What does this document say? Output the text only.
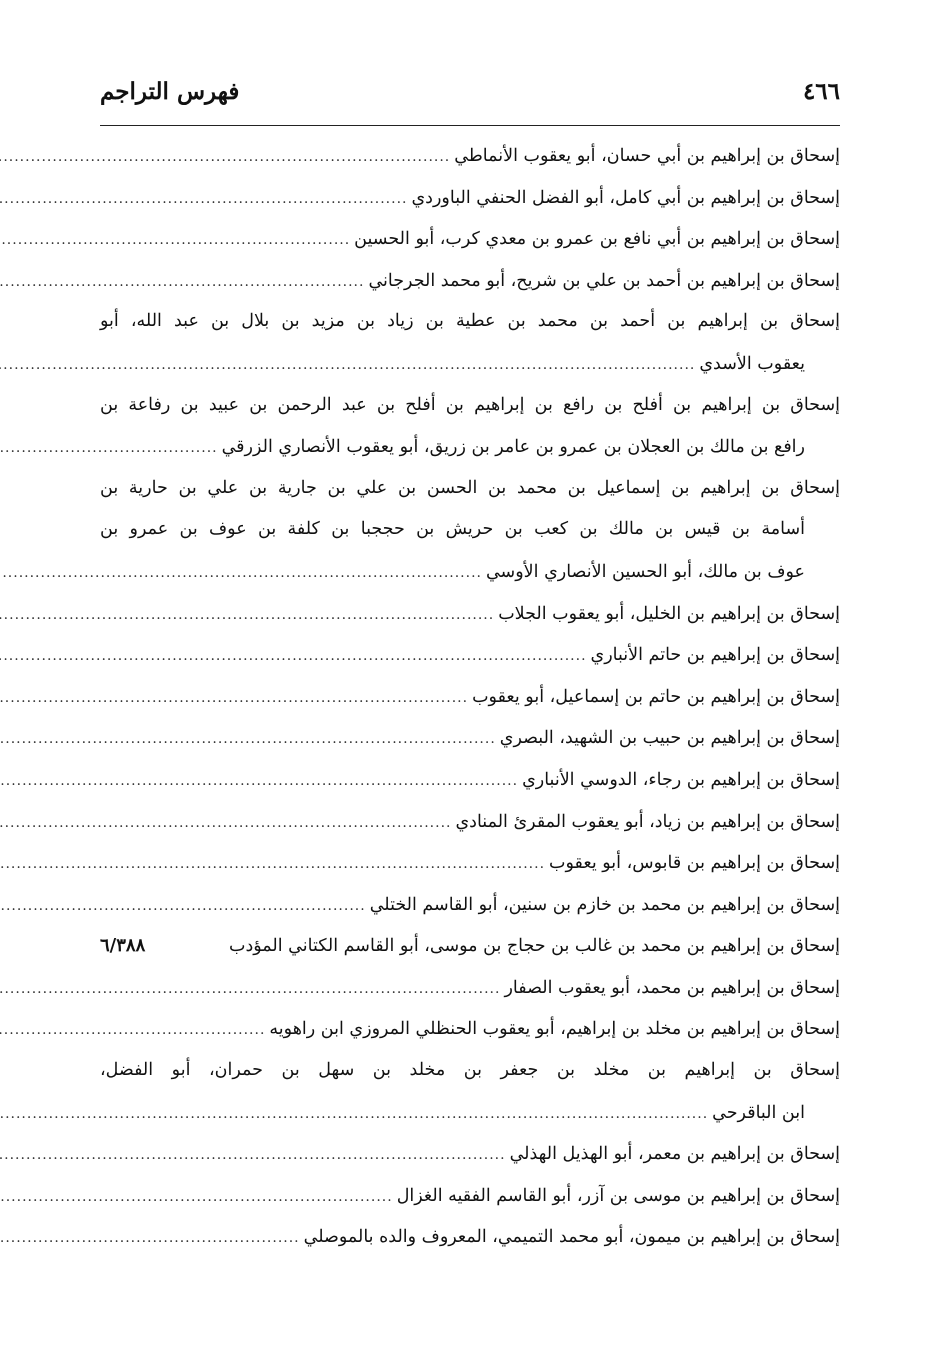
٤٦٦
فهرس التراجم
إسحاق بن إبراهيم بن أبي حسان، أبو يعقوب الأنماطي
.....
إسحاق بن إبراهيم بن أبي كامل، أبو الفضل الحنفي الباوردي
.....
إسحاق بن إبراهيم بن أبي نافع بن عمرو بن معدي كرب، أبو الحسين
.....
إسحاق بن إبراهيم بن أحمد بن علي بن شريح، أبو محمد الجرجاني
.....
إسحاق بن إبراهيم بن أحمد بن محمد بن عطية بن زياد بن مزيد بن بلال بن عبد الله، أبو
يعقوب الأسدي
.....
إسحاق بن إبراهيم بن أفلح بن رافع بن إبراهيم بن أفلح بن عبد الرحمن بن عبيد بن رفاعة بن
رافع بن مالك بن العجلان بن عمرو بن عامر بن زريق، أبو يعقوب الأنصاري الزرقي
.....
إسحاق بن إبراهيم بن إسماعيل بن محمد بن الحسن بن علي بن جارية بن علي بن حارية بن
أسامة بن قيس بن مالك بن كعب بن حريش بن حججبا بن كلفة بن عوف بن عمرو بن
عوف بن مالك، أبو الحسين الأنصاري الأوسي
.....
إسحاق بن إبراهيم بن الخليل، أبو يعقوب الجلاب
.....
إسحاق بن إبراهيم بن حاتم الأنباري
.....
إسحاق بن إبراهيم بن حاتم بن إسماعيل، أبو يعقوب
.....
إسحاق بن إبراهيم بن حبيب بن الشهيد، البصري
.....
إسحاق بن إبراهيم بن رجاء، الدوسي الأنباري
.....
إسحاق بن إبراهيم بن زياد، أبو يعقوب المقرئ المنادي
.....
إسحاق بن إبراهيم بن قابوس، أبو يعقوب
.....
إسحاق بن إبراهيم بن محمد بن خازم بن سنين، أبو القاسم الختلي
.....
إسحاق بن إبراهيم بن محمد بن غالب بن حجاج بن موسى، أبو القاسم الكتاني المؤدب
٦/٣٨٨
إسحاق بن إبراهيم بن محمد، أبو يعقوب الصفار
.....
إسحاق بن إبراهيم بن مخلد بن إبراهيم، أبو يعقوب الحنظلي المروزي ابن راهويه
.....
إسحاق بن إبراهيم بن مخلد بن جعفر بن مخلد بن سهل بن حمران، أبو الفضل،
ابن الباقرحي
.....
إسحاق بن إبراهيم بن معمر، أبو الهذيل الهذلي
.....
إسحاق بن إبراهيم بن موسى بن آزر، أبو القاسم الفقيه الغزال
.....
إسحاق بن إبراهيم بن ميمون، أبو محمد التميمي، المعروف والده بالموصلي
.....
